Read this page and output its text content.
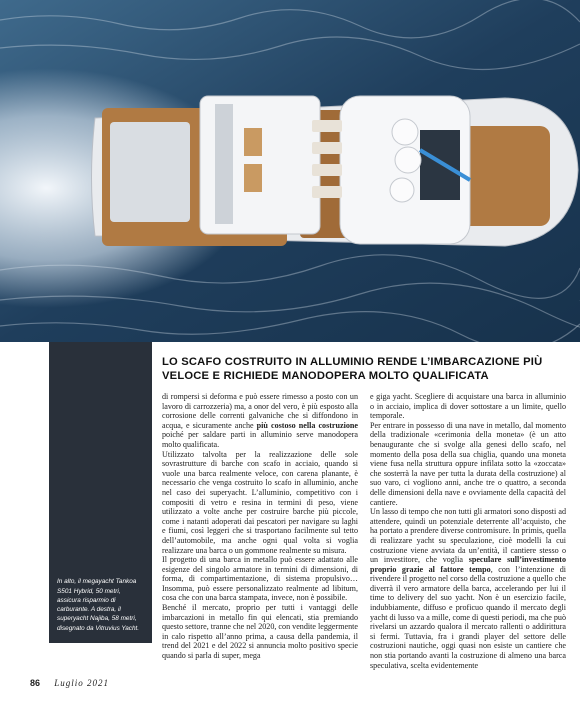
In alto, il megayacht Tankoa S501 Hybrid, 50 metri, assicura risparmio di carburante. A destra, il superyacht Najiba, 58 metri, disegnato da Vitruvius Yacht.
LO SCAFO COSTRUITO IN ALLUMINIO RENDE L’IMBARCAZIONE PIÙ VELOCE E RICHIEDE MANODOPERA MOLTO QUALIFICATA

di rompersi si deforma e può essere rimesso a posto con un lavoro di carrozzeria) ma, a onor del vero, è più esposto alla corrosione delle correnti galvaniche che si diffondono in acqua, e sicuramente anche più costoso nella costruzione poiché per saldare parti in alluminio serve manodopera molto qualificata.

Utilizzato talvolta per la realizzazione delle sole sovrastrutture di barche con scafo in acciaio, quando si vuole una barca realmente veloce, con carena planante, è necessario che venga costruito lo scafo in alluminio, anche nel caso dei superyacht. L’alluminio, competitivo con i compositi di vetro e resina in termini di peso, viene utilizzato a volte anche per costruire barche più piccole, come i natanti adoperati dai pescatori per navigare su laghi e fiumi, così leggeri che si trasportano facilmente sul tetto dell’automobile, ma anche ogni qual volta si voglia realizzare una barca o un gommone realmente su misura.

Il progetto di una barca in metallo può essere adattato alle esigenze del singolo armatore in termini di dimensioni, di forma, di compartimentazione, di sistema propulsivo… Insomma, può essere personalizzato realmente ad libitum, cosa che con una barca stampata, invece, non è possibile.

Benché il mercato, proprio per tutti i vantaggi delle imbarcazioni in metallo fin qui elencati, stia premiando questo settore, tranne che nel 2020, con vendite leggermente in calo rispetto all’anno prima, a causa della pandemia, il trend del 2021 e del 2022 si annuncia molto positivo specie quando si parla di super, mega

e giga yacht. Scegliere di acquistare una barca in alluminio o in acciaio, implica di dover sottostare a un limite, quello temporale.

Per entrare in possesso di una nave in metallo, dal momento della tradizionale «cerimonia della moneta» (è un atto benaugurante che si svolge alla genesi dello scafo, nel momento della posa della sua chiglia, quando una moneta viene fusa nella struttura oppure infilata sotto la «zoccata» che sosterrà la nave per tutta la durata della costruzione) al suo varo, ci vogliono anni, anche tre o quattro, a seconda delle dimensioni della nave e ovviamente della capacità del cantiere.

Un lasso di tempo che non tutti gli armatori sono disposti ad attendere, quindi un potenziale deterrente all’acquisto, che ha portato a prendere diverse contromisure. In primis, quella di realizzare yacht su speculazione, cioè modelli la cui costruzione viene avviata da un’entità, il cantiere stesso o un investitore, che voglia speculare sull’investimento proprio grazie al fattore tempo, con l’intenzione di rivendere il progetto nel corso della costruzione a quello che diverrà il vero armatore della barca, accelerando per lui il time to delivery del suo yacht. Non è un esercizio facile, indubbiamente, diffuso e proficuo quando il mercato degli yacht di lusso va a mille, come di questi periodi, ma che può rivelarsi un azzardo qualora il mercato rallenti o addirittura si fermi. Tuttavia, fra i grandi player del settore delle costruzioni nautiche, oggi quasi non esiste un cantiere che non stia portando avanti la costruzione di almeno una barca speculativa, scelta evidentemente

86 Luglio 2021
